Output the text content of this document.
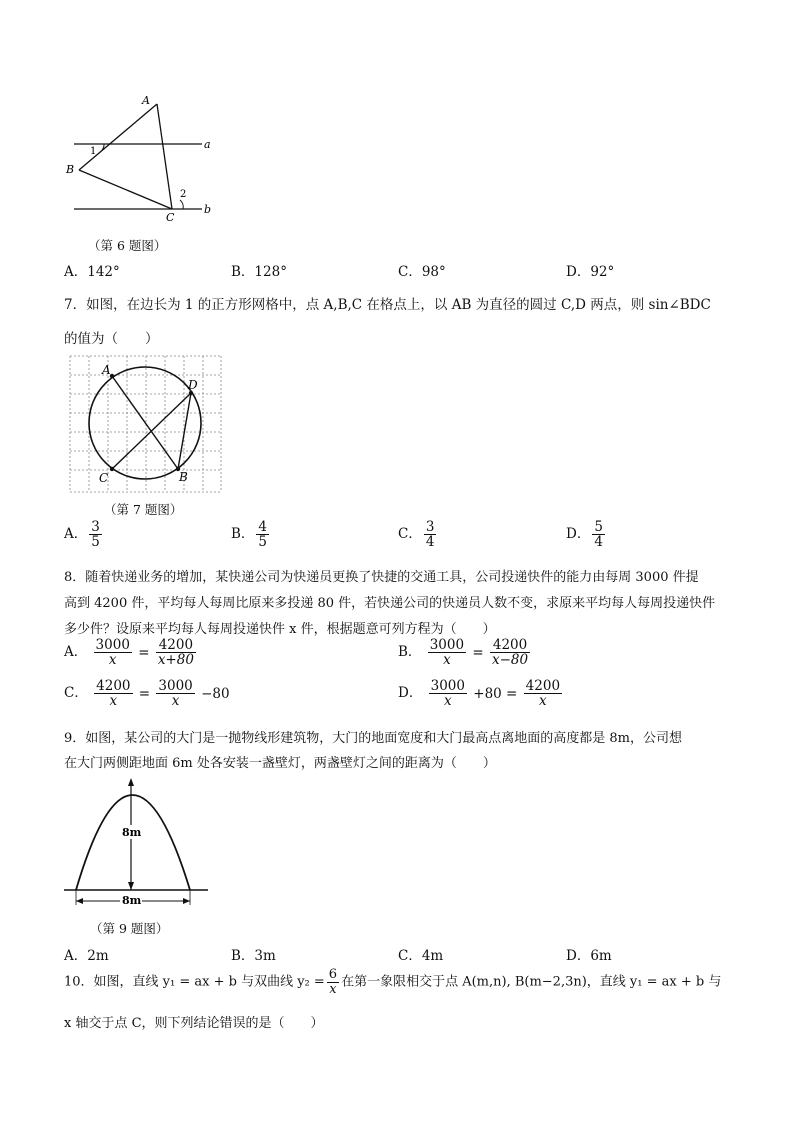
A
B
C
a
b
1
2
（第 6 题图）
A．142°	B．128°	C．98°	D．92°
7．如图，在边长为 1 的正方形网格中，点 A,B,C 在格点上，以 AB 为直径的圆过 C,D 两点，则 sin∠BDC
的值为（　　）
A
B
C
D
（第 7 题图）
A． $\frac{3}{5}$	B． $\frac{4}{5}$	C． $\frac{3}{4}$	D． $\frac{5}{4}$
8．随着快递业务的增加，某快递公司为快递员更换了快捷的交通工具，公司投递快件的能力由每周 3000 件提
高到 4200 件，平均每人每周比原来多投递 80 件，若快递公司的快递员人数不变，求原来平均每人每周投递快件
多少件？设原来平均每人每周投递快件 x 件，根据题意可列方程为（　　）
A． $\frac{3000}{x} = \frac{4200}{x+80}$	B． $\frac{3000}{x} = \frac{4200}{x-80}$
C． $\frac{4200}{x} = \frac{3000}{x} -80$	D． $\frac{3000}{x} +80 = \frac{4200}{x}$
9．如图，某公司的大门是一抛物线形建筑物，大门的地面宽度和大门最高点离地面的高度都是 8m，公司想
在大门两侧距地面 6m 处各安装一盏壁灯，两盏壁灯之间的距离为（　　）
8m
8m
（第 9 题图）
A．2m	B．3m	C．4m	D．6m
10．如图，直线 y₁ = ax + b 与双曲线 $y_2 = \frac{6}{x}$ 在第一象限相交于点 A(m,n), B(m−2,3n)，直线 y₁ = ax + b 与
x 轴交于点 C，则下列结论错误的是（　　）
